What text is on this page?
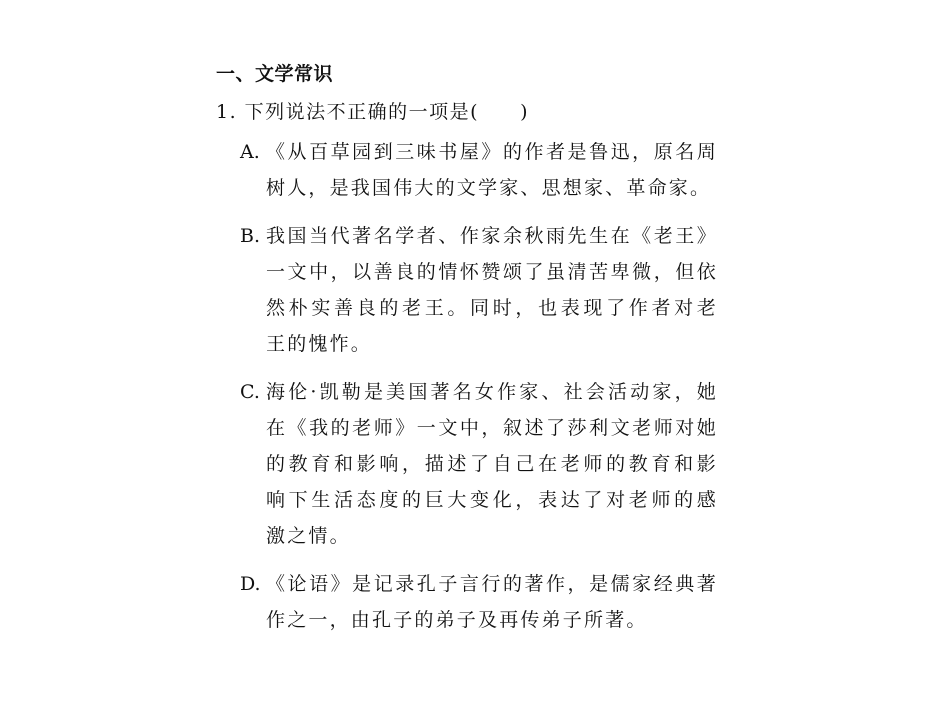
一、文学常识
1. 下列说法不正确的一项是(　　)
A. 《从百草园到三味书屋》的作者是鲁迅，原名周
树人，是我国伟大的文学家、思想家、革命家。
B. 我国当代著名学者、作家余秋雨先生在《老王》
一文中，以善良的情怀赞颂了虽清苦卑微，但依
然朴实善良的老王。同时，也表现了作者对老
王的愧怍。
C. 海伦·凯勒是美国著名女作家、社会活动家，她
在《我的老师》一文中，叙述了莎利文老师对她
的教育和影响，描述了自己在老师的教育和影
响下生活态度的巨大变化，表达了对老师的感
激之情。
D. 《论语》是记录孔子言行的著作，是儒家经典著
作之一，由孔子的弟子及再传弟子所著。
